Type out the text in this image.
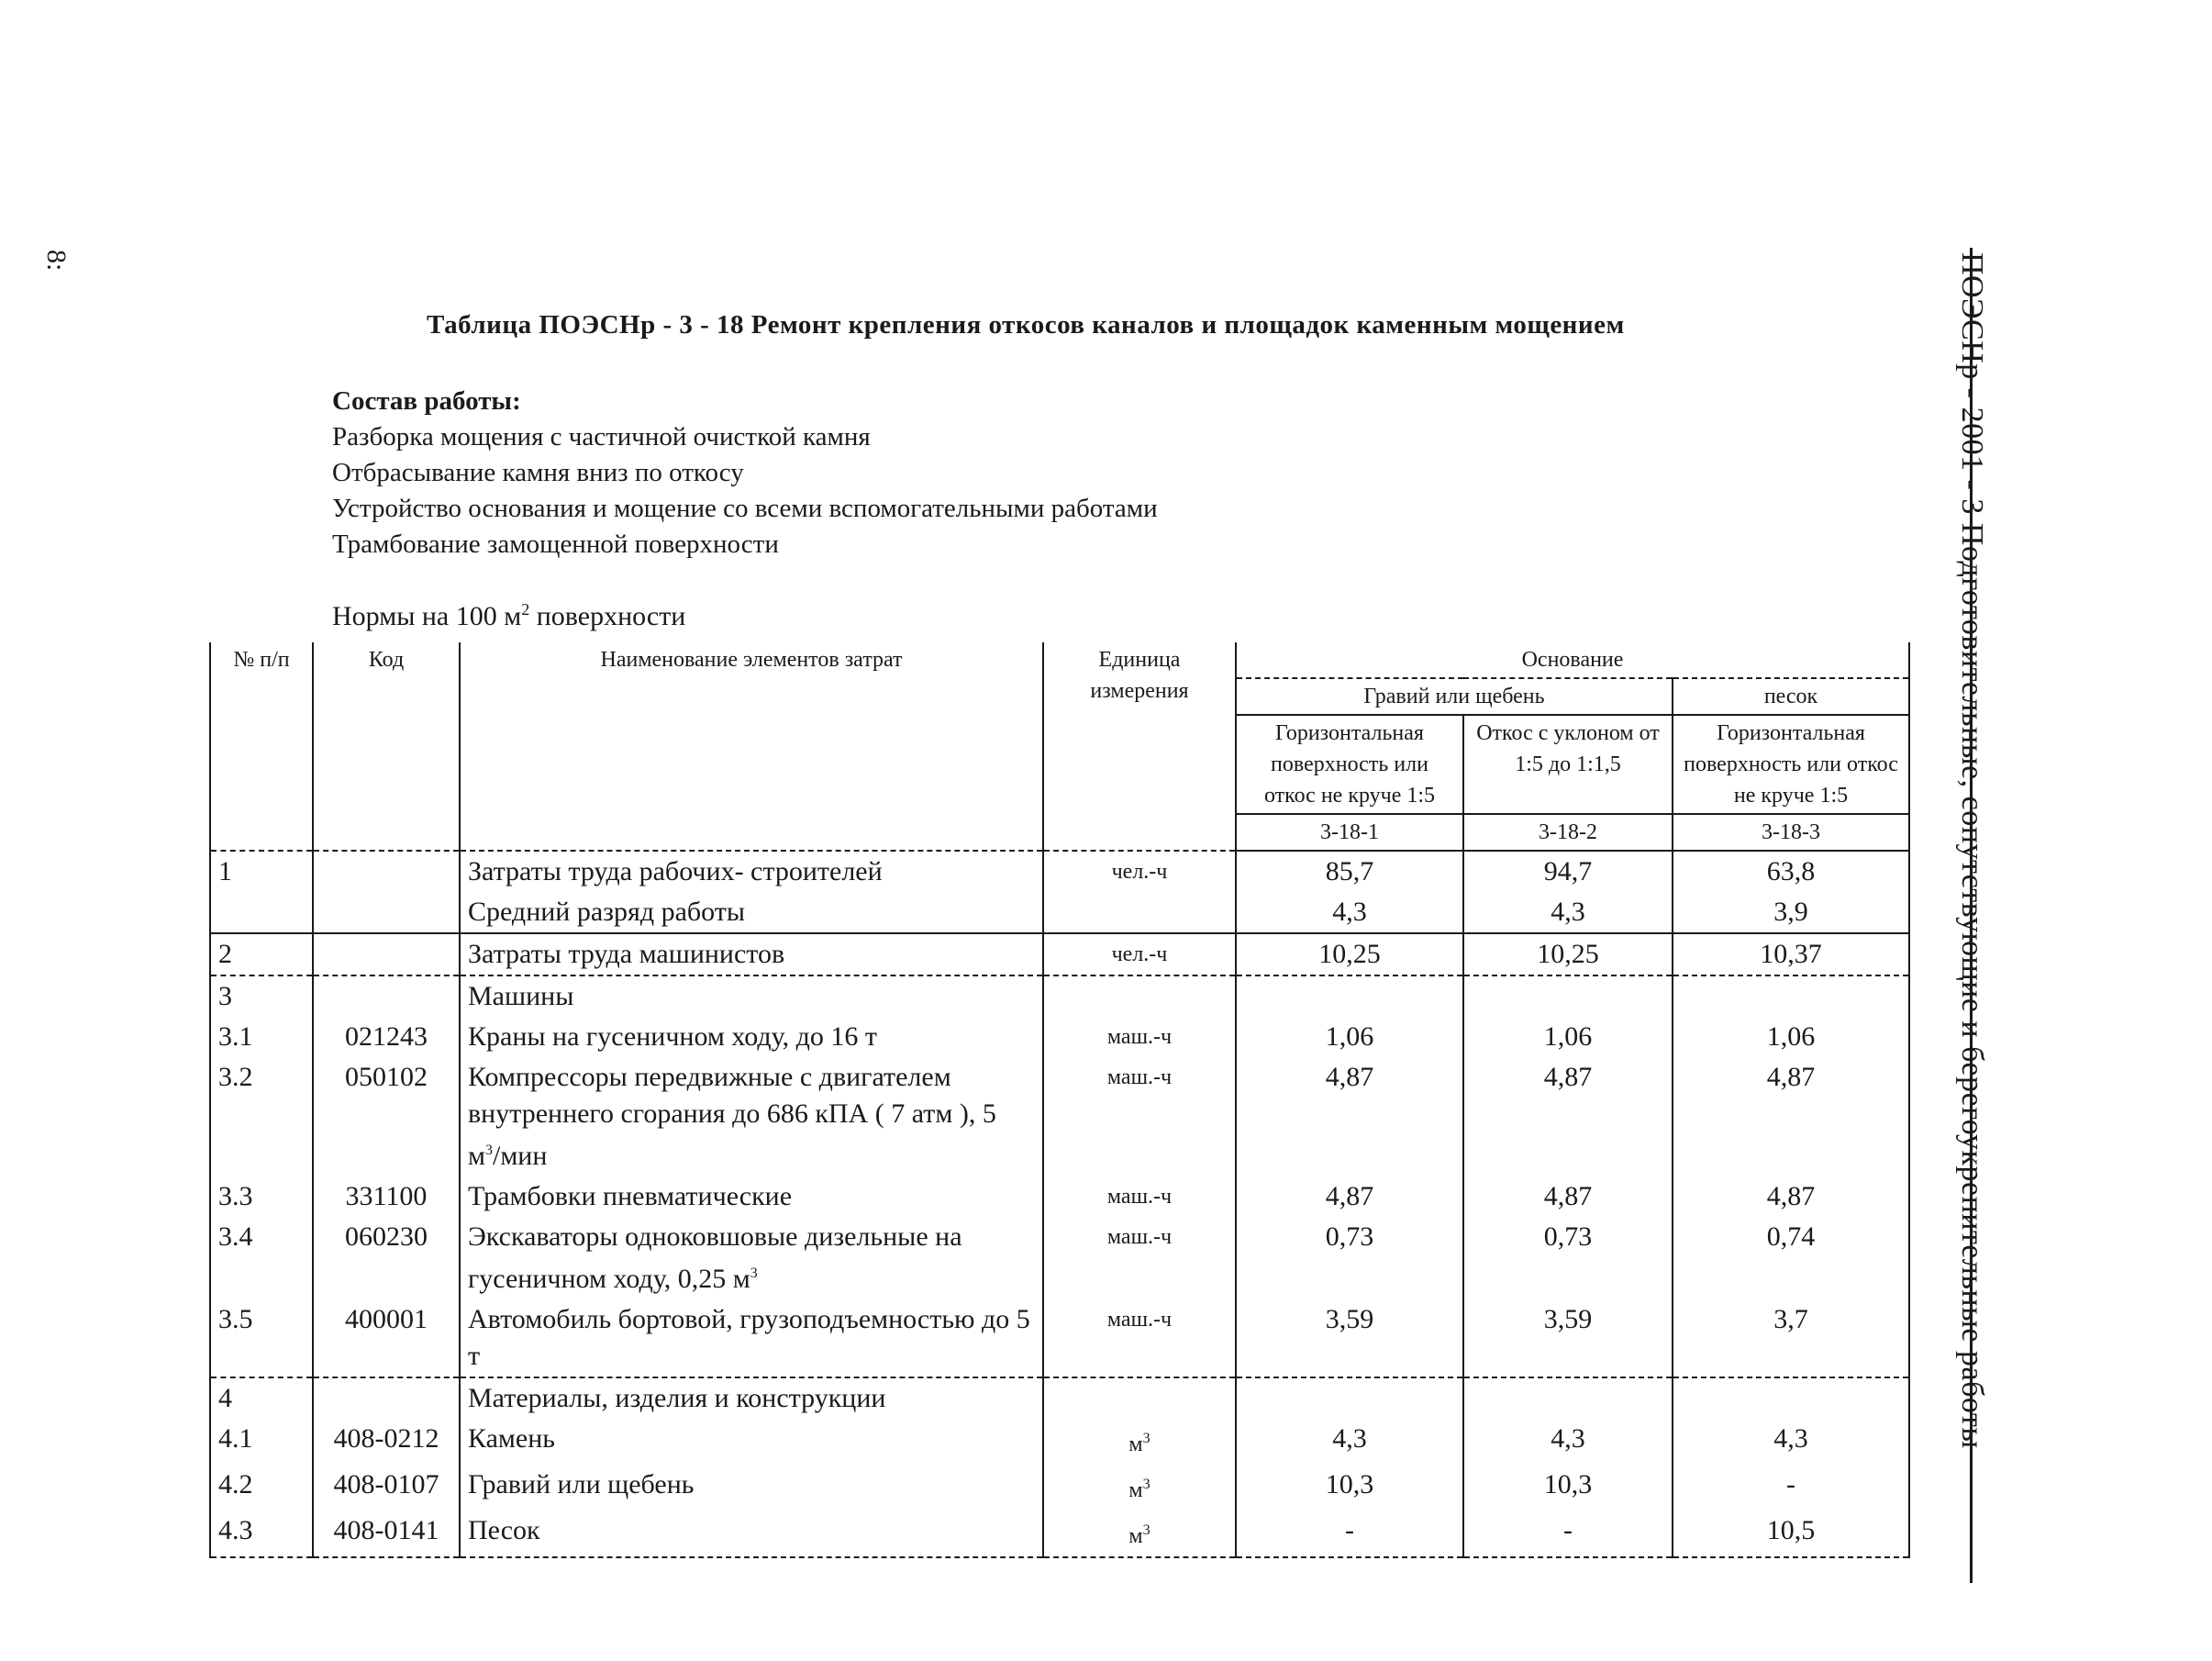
8:	ПОЭСНр - 2001 - 3 Подготовительные, сопутствующие и берегоукрепительные работы
Таблица ПОЭСНр - 3 - 18 Ремонт крепления откосов каналов и площадок каменным мощением
Состав работы:
Разборка мощения с частичной очисткой камня
Отбрасывание камня вниз по откосу
Устройство основания и мощение со всеми вспомогательными работами
Трамбование замощенной поверхности
Нормы на 100 $м^2$ поверхности
№ п/п	Код	Наименование элементов затрат	Единица измерения	Основание		
				Гравий или щебень		песок
				Горизонтальная поверхность или откос не круче 1:5	Откос с уклоном от 1:5 до 1:1,5	Горизонтальная поверхность или откос не круче 1:5
				3-18-1	3-18-2	3-18-3
1		Затраты труда рабочих- строителей	чел.-ч	85,7	94,7	63,8
		Средний разряд работы		4,3	4,3	3,9
2		Затраты труда машинистов	чел.-ч	10,25	10,25	10,37
3		Машины				
3.1	021243	Краны на гусеничном ходу, до 16 т	маш.-ч	1,06	1,06	1,06
3.2	050102	Компрессоры передвижные с двигателем внутреннего сгорания до 686 кПА ( 7 атм ), 5 $м^3$/мин	маш.-ч	4,87	4,87	4,87
3.3	331100	Трамбовки пневматические	маш.-ч	4,87	4,87	4,87
3.4	060230	Экскаваторы одноковшовые дизельные на гусеничном ходу, 0,25 $м^3$	маш.-ч	0,73	0,73	0,74
3.5	400001	Автомобиль бортовой, грузоподъемностью до 5 т	маш.-ч	3,59	3,59	3,7
4		Материалы, изделия и конструкции				
4.1	408-0212	Камень	$м^3$	4,3	4,3	4,3
4.2	408-0107	Гравий или щебень	$м^3$	10,3	10,3	-
4.3	408-0141	Песок	$м^3$	-	-	10,5
